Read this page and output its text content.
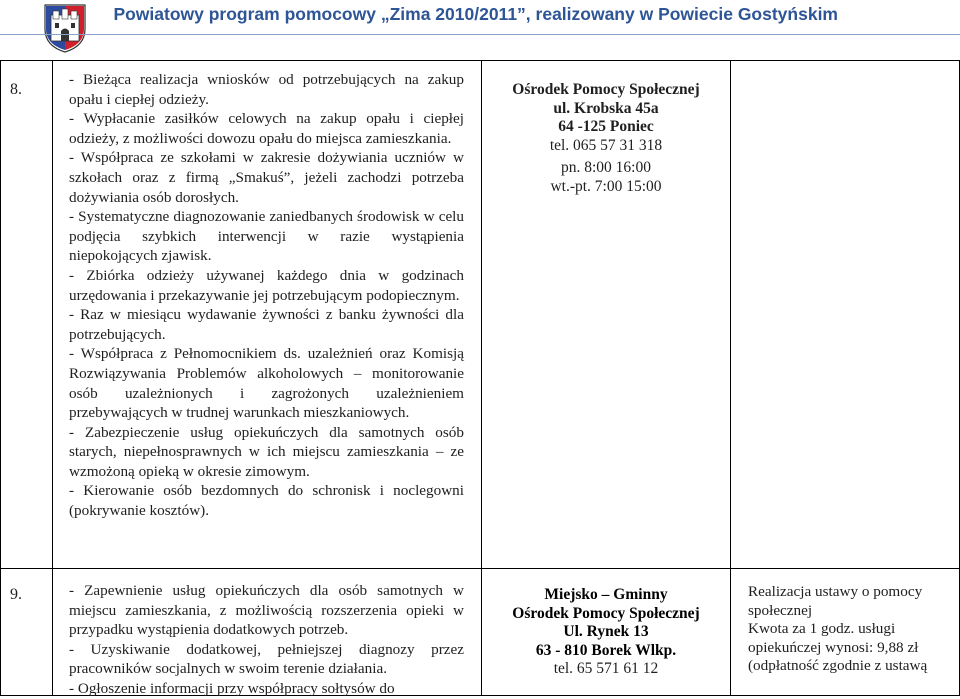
Powiatowy program pomocowy „Zima 2010/2011”, realizowany w Powiecie Gostyńskim
8.

- Bieżąca realizacja wniosków od potrzebujących na zakup opału i ciepłej odzieży.

- Wypłacanie zasiłków celowych na zakup opału i ciepłej odzieży, z możliwości dowozu opału do miejsca zamieszkania.

- Współpraca ze szkołami w zakresie dożywiania uczniów w szkołach oraz z firmą „Smakuś”, jeżeli zachodzi potrzeba dożywiania osób dorosłych.

- Systematyczne diagnozowanie zaniedbanych środowisk w celu podjęcia szybkich interwencji w razie wystąpienia niepokojących zjawisk.

- Zbiórka odzieży używanej każdego dnia w godzinach urzędowania i przekazywanie jej potrzebującym podopiecznym.

- Raz w miesiącu wydawanie żywności z banku żywności dla potrzebujących.

- Współpraca z Pełnomocnikiem ds. uzależnień oraz Komisją Rozwiązywania Problemów alkoholowych – monitorowanie osób uzależnionych i zagrożonych uzależnieniem przebywających w trudnej warunkach mieszkaniowych.

- Zabezpieczenie usług opiekuńczych dla samotnych osób starych, niepełnosprawnych w ich miejscu zamieszkania – ze wzmożoną opieką w okresie zimowym.

- Kierowanie osób bezdomnych do schronisk i noclegowni (pokrywanie kosztów).

Ośrodek Pomocy Społecznej
ul. Krobska 45a
64 -125 Poniec
tel. 065 57 31 318
pn. 8:00 16:00
wt.-pt. 7:00 15:00
9.	- Zapewnienie usług opiekuńczych dla osób samotnych w miejscu zamieszkania, z możliwością rozszerzenia opieki w przypadku wystąpienia dodatkowych potrzeb.

- Uzyskiwanie dodatkowej, pełniejszej diagnozy przez pracowników socjalnych w swoim terenie działania.

- Ogłoszenie informacji przy współpracy sołtysów do

Miejsko – Gminny
Ośrodek Pomocy Społecznej
Ul. Rynek 13
63 - 810 Borek Wlkp.
tel. 65 571 61 12
Realizacja ustawy o pomocy
społecznej
Kwota za 1 godz. usługi
opiekuńczej wynosi: 9,88 zł
(odpłatność zgodnie z ustawą
